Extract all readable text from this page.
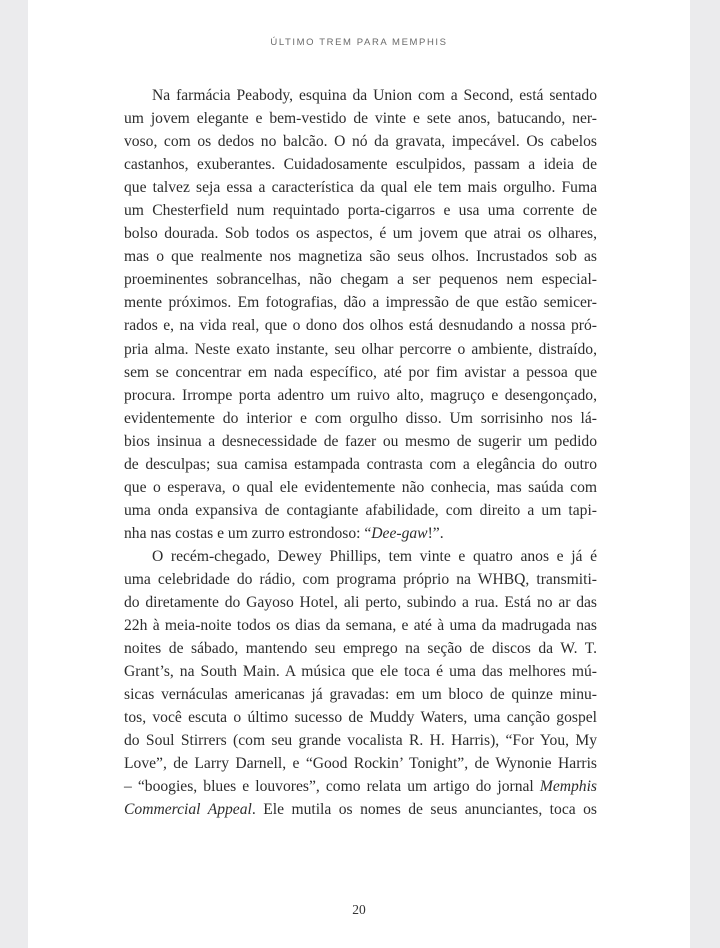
ÚLTIMO TREM PARA MEMPHIS
Na farmácia Peabody, esquina da Union com a Second, está sentado
um jovem elegante e bem-vestido de vinte e sete anos, batucando, ner-
voso, com os dedos no balcão. O nó da gravata, impecável. Os cabelos
castanhos, exuberantes. Cuidadosamente esculpidos, passam a ideia de
que talvez seja essa a característica da qual ele tem mais orgulho. Fuma
um Chesterfield num requintado porta-cigarros e usa uma corrente de
bolso dourada. Sob todos os aspectos, é um jovem que atrai os olhares,
mas o que realmente nos magnetiza são seus olhos. Incrustados sob as
proeminentes sobrancelhas, não chegam a ser pequenos nem especial-
mente próximos. Em fotografias, dão a impressão de que estão semicer-
rados e, na vida real, que o dono dos olhos está desnudando a nossa pró-
pria alma. Neste exato instante, seu olhar percorre o ambiente, distraído,
sem se concentrar em nada específico, até por fim avistar a pessoa que
procura. Irrompe porta adentro um ruivo alto, magruço e desengonçado,
evidentemente do interior e com orgulho disso. Um sorrisinho nos lá-
bios insinua a desnecessidade de fazer ou mesmo de sugerir um pedido
de desculpas; sua camisa estampada contrasta com a elegância do outro
que o esperava, o qual ele evidentemente não conhecia, mas saúda com
uma onda expansiva de contagiante afabilidade, com direito a um tapi-
nha nas costas e um zurro estrondoso: “Dee-gaw!”.
O recém-chegado, Dewey Phillips, tem vinte e quatro anos e já é
uma celebridade do rádio, com programa próprio na WHBQ, transmiti-
do diretamente do Gayoso Hotel, ali perto, subindo a rua. Está no ar das
22h à meia-noite todos os dias da semana, e até à uma da madrugada nas
noites de sábado, mantendo seu emprego na seção de discos da W. T.
Grant’s, na South Main. A música que ele toca é uma das melhores mú-
sicas vernáculas americanas já gravadas: em um bloco de quinze minu-
tos, você escuta o último sucesso de Muddy Waters, uma canção gospel
do Soul Stirrers (com seu grande vocalista R. H. Harris), “For You, My
Love”, de Larry Darnell, e “Good Rockin’ Tonight”, de Wynonie Harris
– “boogies, blues e louvores”, como relata um artigo do jornal Memphis
Commercial Appeal. Ele mutila os nomes de seus anunciantes, toca os
20
